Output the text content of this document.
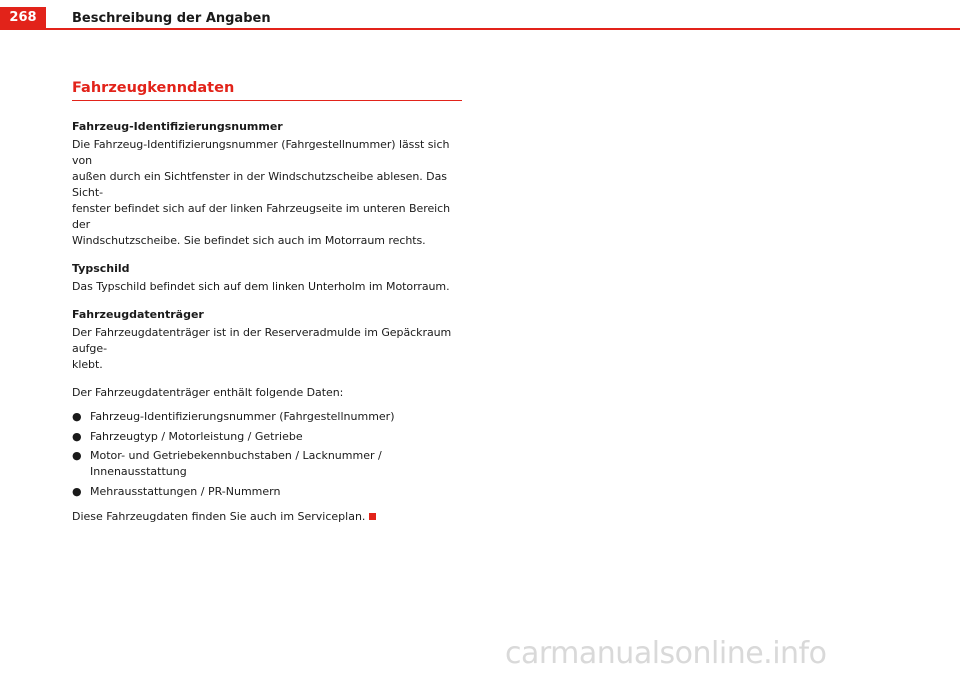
268	Beschreibung der Angaben
Fahrzeugkenndaten
Fahrzeug-Identifizierungsnummer
Die Fahrzeug-Identifizierungsnummer (Fahrgestellnummer) lässt sich von
außen durch ein Sichtfenster in der Windschutzscheibe ablesen. Das Sicht-
fenster befindet sich auf der linken Fahrzeugseite im unteren Bereich der
Windschutzscheibe. Sie befindet sich auch im Motorraum rechts.
Typschild
Das Typschild befindet sich auf dem linken Unterholm im Motorraum.
Fahrzeugdatenträger
Der Fahrzeugdatenträger ist in der Reserveradmulde im Gepäckraum aufge-
klebt.
Der Fahrzeugdatenträger enthält folgende Daten:
● Fahrzeug-Identifizierungsnummer (Fahrgestellnummer)
● Fahrzeugtyp / Motorleistung / Getriebe
● Motor- und Getriebekennbuchstaben / Lacknummer / Innenausstattung
● Mehrausstattungen / PR-Nummern
Diese Fahrzeugdaten finden Sie auch im Serviceplan.
carmanualsonline.info
